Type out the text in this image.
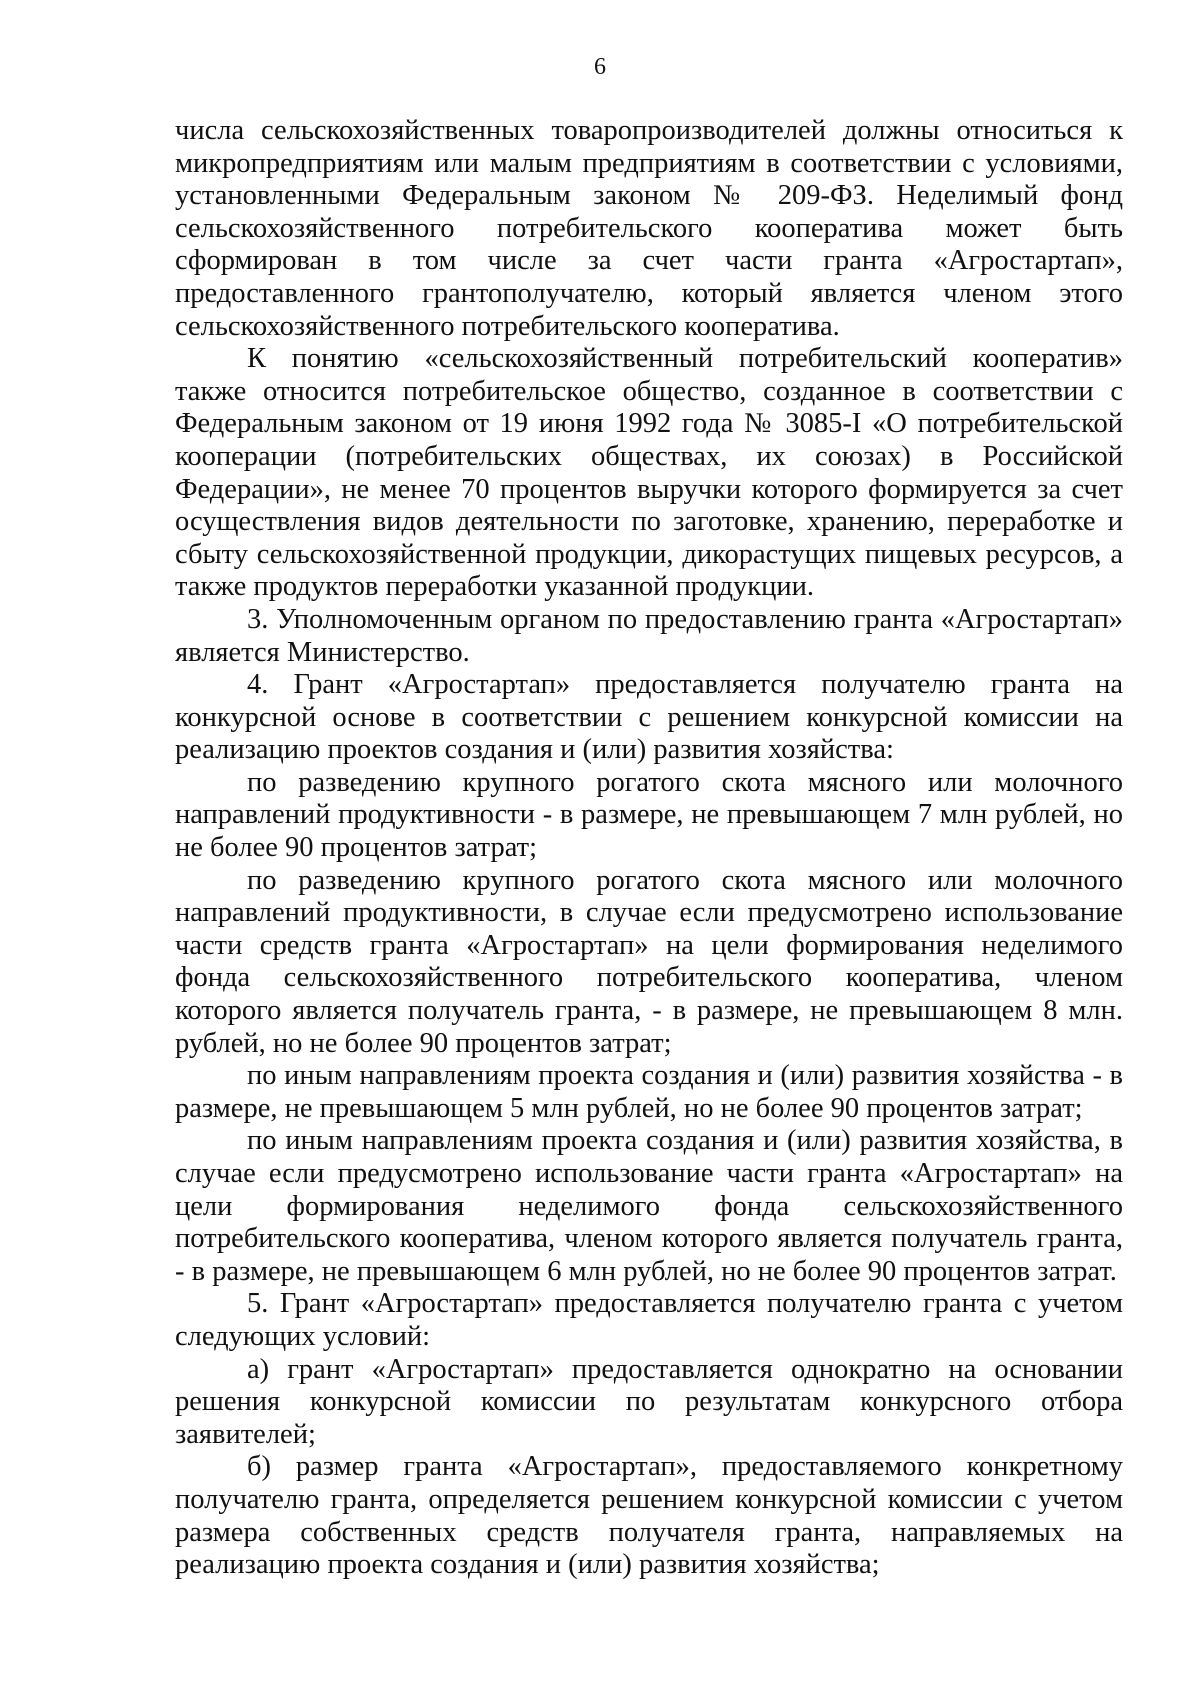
6

числа сельскохозяйственных товаропроизводителей должны относиться к микропредприятиям или малым предприятиям в соответствии с условиями, установленными Федеральным законом № 209-ФЗ. Неделимый фонд сельскохозяйственного потребительского кооператива может быть сформирован в том числе за счет части гранта «Агростартап», предоставленного грантополучателю, который является членом этого сельскохозяйственного потребительского кооператива.

К понятию «сельскохозяйственный потребительский кооператив» также относится потребительское общество, созданное в соответствии с Федеральным законом от 19 июня 1992 года № 3085-I «О потребительской кооперации (потребительских обществах, их союзах) в Российской Федерации», не менее 70 процентов выручки которого формируется за счет осуществления видов деятельности по заготовке, хранению, переработке и сбыту сельскохозяйственной продукции, дикорастущих пищевых ресурсов, а также продуктов переработки указанной продукции.

3. Уполномоченным органом по предоставлению гранта «Агростартап» является Министерство.

4. Грант «Агростартап» предоставляется получателю гранта на конкурсной основе в соответствии с решением конкурсной комиссии на реализацию проектов создания и (или) развития хозяйства:

по разведению крупного рогатого скота мясного или молочного направлений продуктивности - в размере, не превышающем 7 млн рублей, но не более 90 процентов затрат;

по разведению крупного рогатого скота мясного или молочного направлений продуктивности, в случае если предусмотрено использование части средств гранта «Агростартап» на цели формирования неделимого фонда сельскохозяйственного потребительского кооператива, членом которого является получатель гранта, - в размере, не превышающем 8 млн. рублей, но не более 90 процентов затрат;

по иным направлениям проекта создания и (или) развития хозяйства - в размере, не превышающем 5 млн рублей, но не более 90 процентов затрат;

по иным направлениям проекта создания и (или) развития хозяйства, в случае если предусмотрено использование части гранта «Агростартап» на цели формирования неделимого фонда сельскохозяйственного потребительского кооператива, членом которого является получатель гранта, - в размере, не превышающем 6 млн рублей, но не более 90 процентов затрат.

5. Грант «Агростартап» предоставляется получателю гранта с учетом следующих условий:

а) грант «Агростартап» предоставляется однократно на основании решения конкурсной комиссии по результатам конкурсного отбора заявителей;

б) размер гранта «Агростартап», предоставляемого конкретному получателю гранта, определяется решением конкурсной комиссии с учетом размера собственных средств получателя гранта, направляемых на реализацию проекта создания и (или) развития хозяйства;
